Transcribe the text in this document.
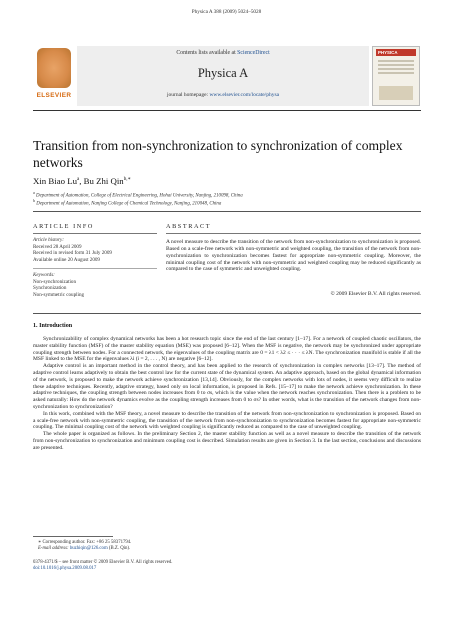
Physica A 388 (2009) 5024–5028
ELSEVIER
Contents lists available at ScienceDirect
Physica A
journal homepage: www.elsevier.com/locate/physa
PHYSICA
Transition from non-synchronization to synchronization of complex networks
Xin Biao Lu$^a$, Bu Zhi Qin$^{b,∗}$
$^a$ Department of Automation, College of Electrical Engineering, Hohai University, Nanjing, 210098, China
$^b$ Department of Automation, Nanjing College of Chemical Technology, Nanjing, 210048, China
ARTICLE INFO	ABSTRACT
Article history:
Received 28 April 2009
Received in revised form 31 July 2009
Available online 20 August 2009
Keywords:
Non-synchronization
Synchronization
Non-symmetric coupling
A novel measure to describe the transition of the network from non-synchronization to synchronization is proposed. Based on a scale-free network with non-symmetric and weighted coupling, the transition of the network from non-synchronization to synchronization becomes fastest for appropriate non-symmetric coupling. Moreover, the minimal coupling cost of the network with non-symmetric and weighted coupling may be reduced significantly as compared to the case of symmetric and unweighted coupling.
© 2009 Elsevier B.V. All rights reserved.
1. Introduction

Synchronizability of complex dynamical networks has been a hot research topic since the end of the last century [1–17]. For a network of coupled chaotic oscillators, the master stability function (MSF) of the master stability equation (MSE) was proposed [6–12]. When the MSF is negative, the network may be synchronized under appropriate coupling strength between nodes. For a connected network, the eigenvalues of the coupling matrix are 0 = λ1 < λ2 ≤ · · · ≤ λN. The synchronization manifold is stable if all the MSF linked to the MSE for the eigenvalues λi (i = 2, . . . , N) are negative [6–12].

Adaptive control is an important method in the control theory, and has been applied to the research of synchronization in complex networks [13–17]. The method of adaptive control learns adaptively to obtain the best control law for the current state of the dynamical system. An adaptive approach, based on the global dynamical information of the network, is proposed to make the network achieve synchronization [13,14]. Obviously, for the complex networks with lots of nodes, it seems very difficult to realize these adaptive techniques. Recently, adaptive strategy, based only on local information, is proposed in Refs. [15–17] to make the network achieve synchronization. In these adaptive techniques, the coupling strength between nodes increases from 0 to σs, which is the value when the network reaches synchronization. Then there is a problem to be asked naturally: How do the network dynamics evolve as the coupling strength increases from 0 to σs? In other words, what is the transition of the network changes from non-synchronization to synchronization?

In this work, combined with the MSF theory, a novel measure to describe the transition of the network from non-synchronization to synchronization is proposed. Based on a scale-free network with non-symmetric coupling, the transition of the network from non-synchronization to synchronization becomes fastest for appropriate non-symmetric coupling. The minimal coupling cost of the network with weighted coupling is significantly reduced as compared to the case of unweighted coupling.

The whole paper is organized as follows. In the preliminary Section 2, the master stability function as well as a novel measure to describe the transition of the network from non-synchronization to synchronization and minimum coupling cost is described. Simulation results are given in Section 3. In the last section, conclusions and discussions are presented.

∗ Corresponding author. Fax: +86 25 58371794.
E-mail address: buzhiqin@126.com (B.Z. Qin).
0378-4371/$ – see front matter © 2009 Elsevier B.V. All rights reserved.
doi:10.1016/j.physa.2009.08.017
